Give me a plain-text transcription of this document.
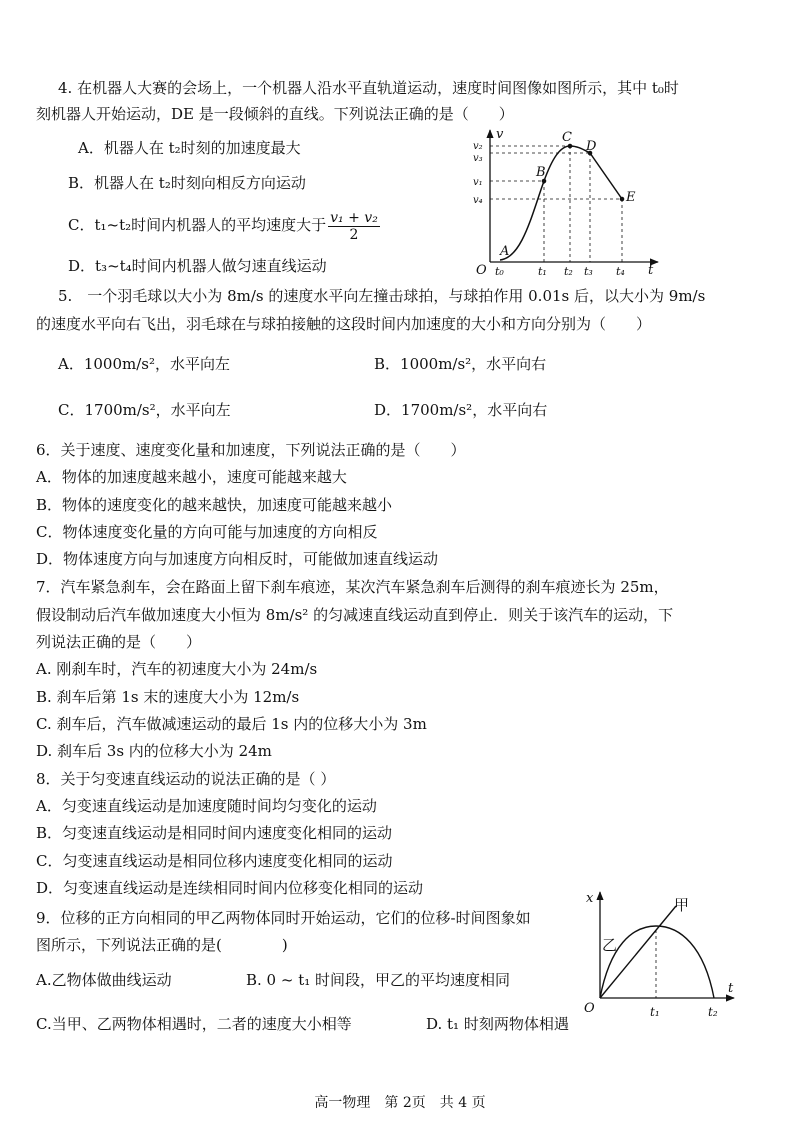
4. 在机器人大赛的会场上，一个机器人沿水平直轨道运动，速度时间图像如图所示，其中 t₀时
刻机器人开始运动，DE 是一段倾斜的直线。下列说法正确的是（　　）
A．机器人在 t₂时刻的加速度最大
B．机器人在 t₂时刻向相反方向运动
C．t₁~t₂时间内机器人的平均速度大于 $\frac{\text{v₁ + v₂}}{2}$
D．t₃~t₄时间内机器人做匀速直线运动
v
t
O
v₂
v₃
v₁
v₄
t₀	t₁ t₂ t₃ t₄
A
B
C
D
E
5.　一个羽毛球以大小为 8m/s 的速度水平向左撞击球拍，与球拍作用 0.01s 后，以大小为 9m/s
的速度水平向右飞出，羽毛球在与球拍接触的这段时间内加速度的大小和方向分别为（　　）
A．1000m/s²，水平向左	B．1000m/s²，水平向右
C．1700m/s²，水平向左	D．1700m/s²，水平向右
6．关于速度、速度变化量和加速度，下列说法正确的是（　　）
A．物体的加速度越来越小，速度可能越来越大
B．物体的速度变化的越来越快，加速度可能越来越小
C．物体速度变化量的方向可能与加速度的方向相反
D．物体速度方向与加速度方向相反时，可能做加速直线运动
7．汽车紧急刹车，会在路面上留下刹车痕迹，某次汽车紧急刹车后测得的刹车痕迹长为 25m，
假设制动后汽车做加速度大小恒为 8m/s² 的匀减速直线运动直到停止．则关于该汽车的运动，下
列说法正确的是（　　）
A. 刚刹车时，汽车的初速度大小为 24m/s
B. 刹车后第 1s 末的速度大小为 12m/s
C. 刹车后，汽车做减速运动的最后 1s 内的位移大小为 3m
D. 刹车后 3s 内的位移大小为 24m
8．关于匀变速直线运动的说法正确的是（ ）
A．匀变速直线运动是加速度随时间均匀变化的运动
B．匀变速直线运动是相同时间内速度变化相同的运动
C．匀变速直线运动是相同位移内速度变化相同的运动
D．匀变速直线运动是连续相同时间内位移变化相同的运动
9．位移的正方向相同的甲乙两物体同时开始运动，它们的位移-时间图象如
图所示，下列说法正确的是(　　　　)
A.乙物体做曲线运动	B. 0 ~ t₁ 时间段，甲乙的平均速度相同
C.当甲、乙两物体相遇时，二者的速度大小相等	D. t₁ 时刻两物体相遇
x
t
O
甲
乙
t₁	t₂
高一物理　第 2页　共 4 页
